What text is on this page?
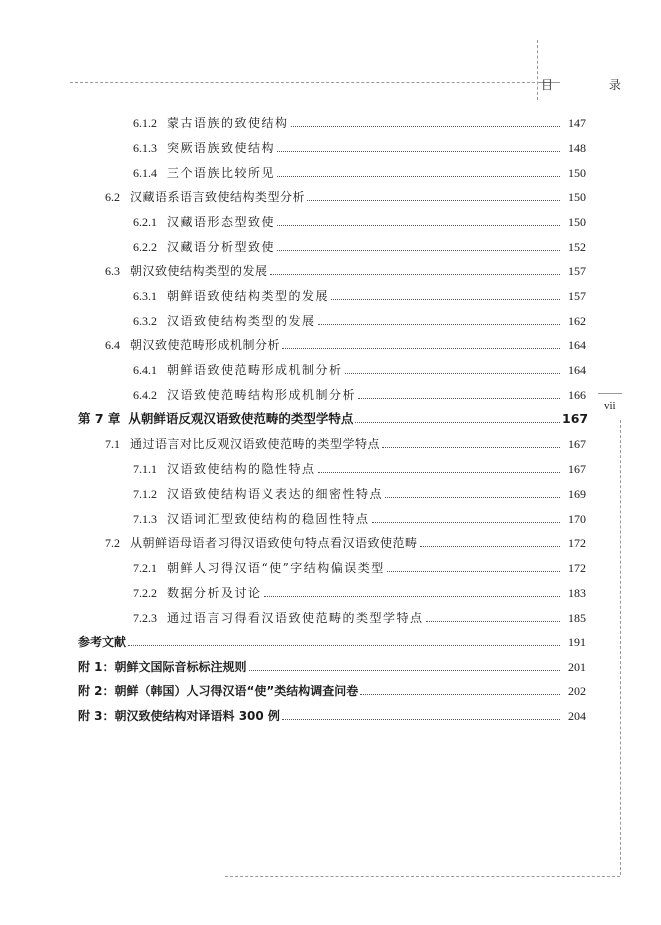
目 录
vii
6.1.2 蒙古语族的致使结构	147
6.1.3 突厥语族致使结构	148
6.1.4 三个语族比较所见	150
6.2 汉藏语系语言致使结构类型分析	150
6.2.1 汉藏语形态型致使	150
6.2.2 汉藏语分析型致使	152
6.3 朝汉致使结构类型的发展	157
6.3.1 朝鲜语致使结构类型的发展	157
6.3.2 汉语致使结构类型的发展	162
6.4 朝汉致使范畴形成机制分析	164
6.4.1 朝鲜语致使范畴形成机制分析	164
6.4.2 汉语致使范畴结构形成机制分析	166
第 7 章 从朝鲜语反观汉语致使范畴的类型学特点	167
7.1 通过语言对比反观汉语致使范畴的类型学特点	167
7.1.1 汉语致使结构的隐性特点	167
7.1.2 汉语致使结构语义表达的细密性特点	169
7.1.3 汉语词汇型致使结构的稳固性特点	170
7.2 从朝鲜语母语者习得汉语致使句特点看汉语致使范畴	172
7.2.1 朝鲜人习得汉语“使”字结构偏误类型	172
7.2.2 数据分析及讨论	183
7.2.3 通过语言习得看汉语致使范畴的类型学特点	185
参考文献	191
附 1： 朝鲜文国际音标标注规则	201
附 2： 朝鲜（韩国）人习得汉语“使”类结构调查问卷	202
附 3： 朝汉致使结构对译语料 300 例	204
